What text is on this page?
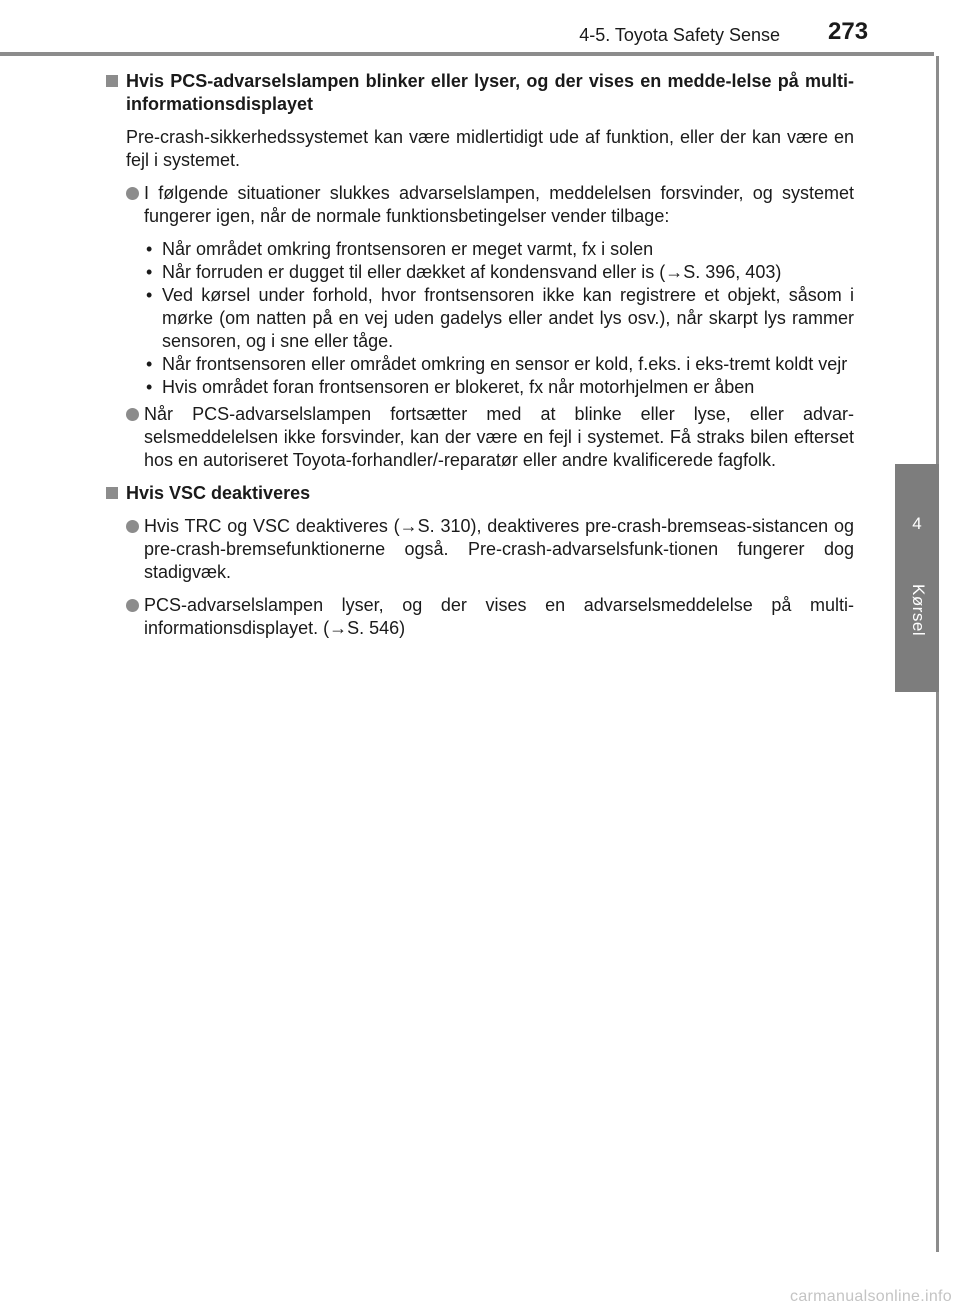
4-5. Toyota Safety Sense 273
4
Kørsel
Hvis PCS-advarselslampen blinker eller lyser, og der vises en medde-lelse på multi-informationsdisplayet
Pre-crash-sikkerhedssystemet kan være midlertidigt ude af funktion, eller der kan være en fejl i systemet.
I følgende situationer slukkes advarselslampen, meddelelsen forsvinder, og systemet fungerer igen, når de normale funktionsbetingelser vender tilbage:
• Når området omkring frontsensoren er meget varmt, fx i solen
• Når forruden er dugget til eller dækket af kondensvand eller is (→S. 396, 403)
• Ved kørsel under forhold, hvor frontsensoren ikke kan registrere et objekt, såsom i mørke (om natten på en vej uden gadelys eller andet lys osv.), når skarpt lys rammer sensoren, og i sne eller tåge.
• Når frontsensoren eller området omkring en sensor er kold, f.eks. i eks-tremt koldt vejr
• Hvis området foran frontsensoren er blokeret, fx når motorhjelmen er åben
Når PCS-advarselslampen fortsætter med at blinke eller lyse, eller advar-selsmeddelelsen ikke forsvinder, kan der være en fejl i systemet. Få straks bilen efterset hos en autoriseret Toyota-forhandler/-reparatør eller andre kvalificerede fagfolk.
Hvis VSC deaktiveres
Hvis TRC og VSC deaktiveres (→S. 310), deaktiveres pre-crash-bremseas-sistancen og pre-crash-bremsefunktionerne også. Pre-crash-advarselsfunk-tionen fungerer dog stadigvæk.
PCS-advarselslampen lyser, og der vises en advarselsmeddelelse på multi-informationsdisplayet. (→S. 546)
carmanualsonline.info
